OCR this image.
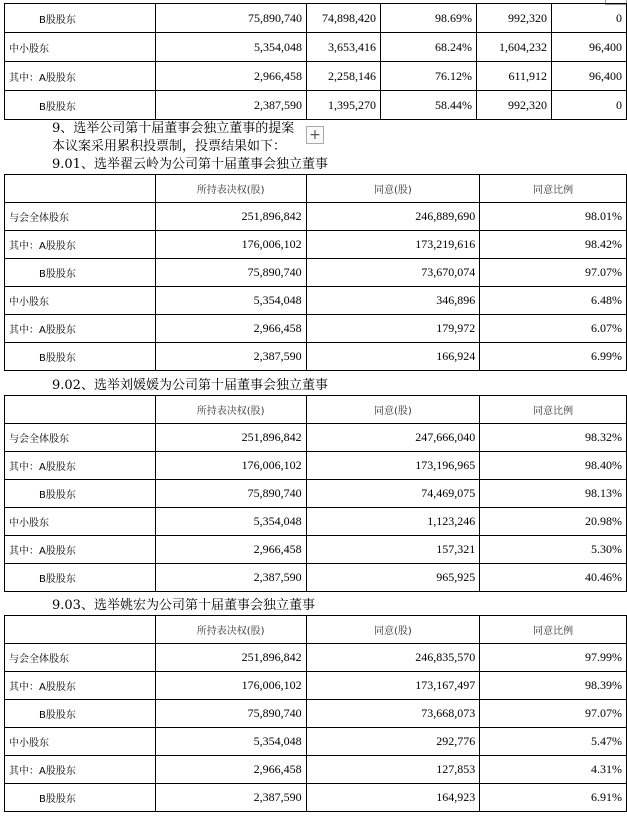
B股股东	75,890,740	74,898,420	98.69%	992,320	0
中小股东	5,354,048	3,653,416	68.24%	1,604,232	96,400
其中：A股股东	2,966,458	2,258,146	76.12%	611,912	96,400
B股股东	2,387,590	1,395,270	58.44%	992,320	0
9、选举公司第十届董事会独立董事的提案 +
本议案采用累积投票制，投票结果如下：
9.01、选举翟云岭为公司第十届董事会独立董事
	所持表决权(股)	同意(股)	同意比例
与会全体股东	251,896,842	246,889,690	98.01%
其中：A股股东	176,006,102	173,219,616	98.42%
B股股东	75,890,740	73,670,074	97.07%
中小股东	5,354,048	346,896	6.48%
其中：A股股东	2,966,458	179,972	6.07%
B股股东	2,387,590	166,924	6.99%
9.02、选举刘媛媛为公司第十届董事会独立董事
	所持表决权(股)	同意(股)	同意比例
与会全体股东	251,896,842	247,666,040	98.32%
其中：A股股东	176,006,102	173,196,965	98.40%
B股股东	75,890,740	74,469,075	98.13%
中小股东	5,354,048	1,123,246	20.98%
其中：A股股东	2,966,458	157,321	5.30%
B股股东	2,387,590	965,925	40.46%
9.03、选举姚宏为公司第十届董事会独立董事
	所持表决权(股)	同意(股)	同意比例
与会全体股东	251,896,842	246,835,570	97.99%
其中：A股股东	176,006,102	173,167,497	98.39%
B股股东	75,890,740	73,668,073	97.07%
中小股东	5,354,048	292,776	5.47%
其中：A股股东	2,966,458	127,853	4.31%
B股股东	2,387,590	164,923	6.91%
